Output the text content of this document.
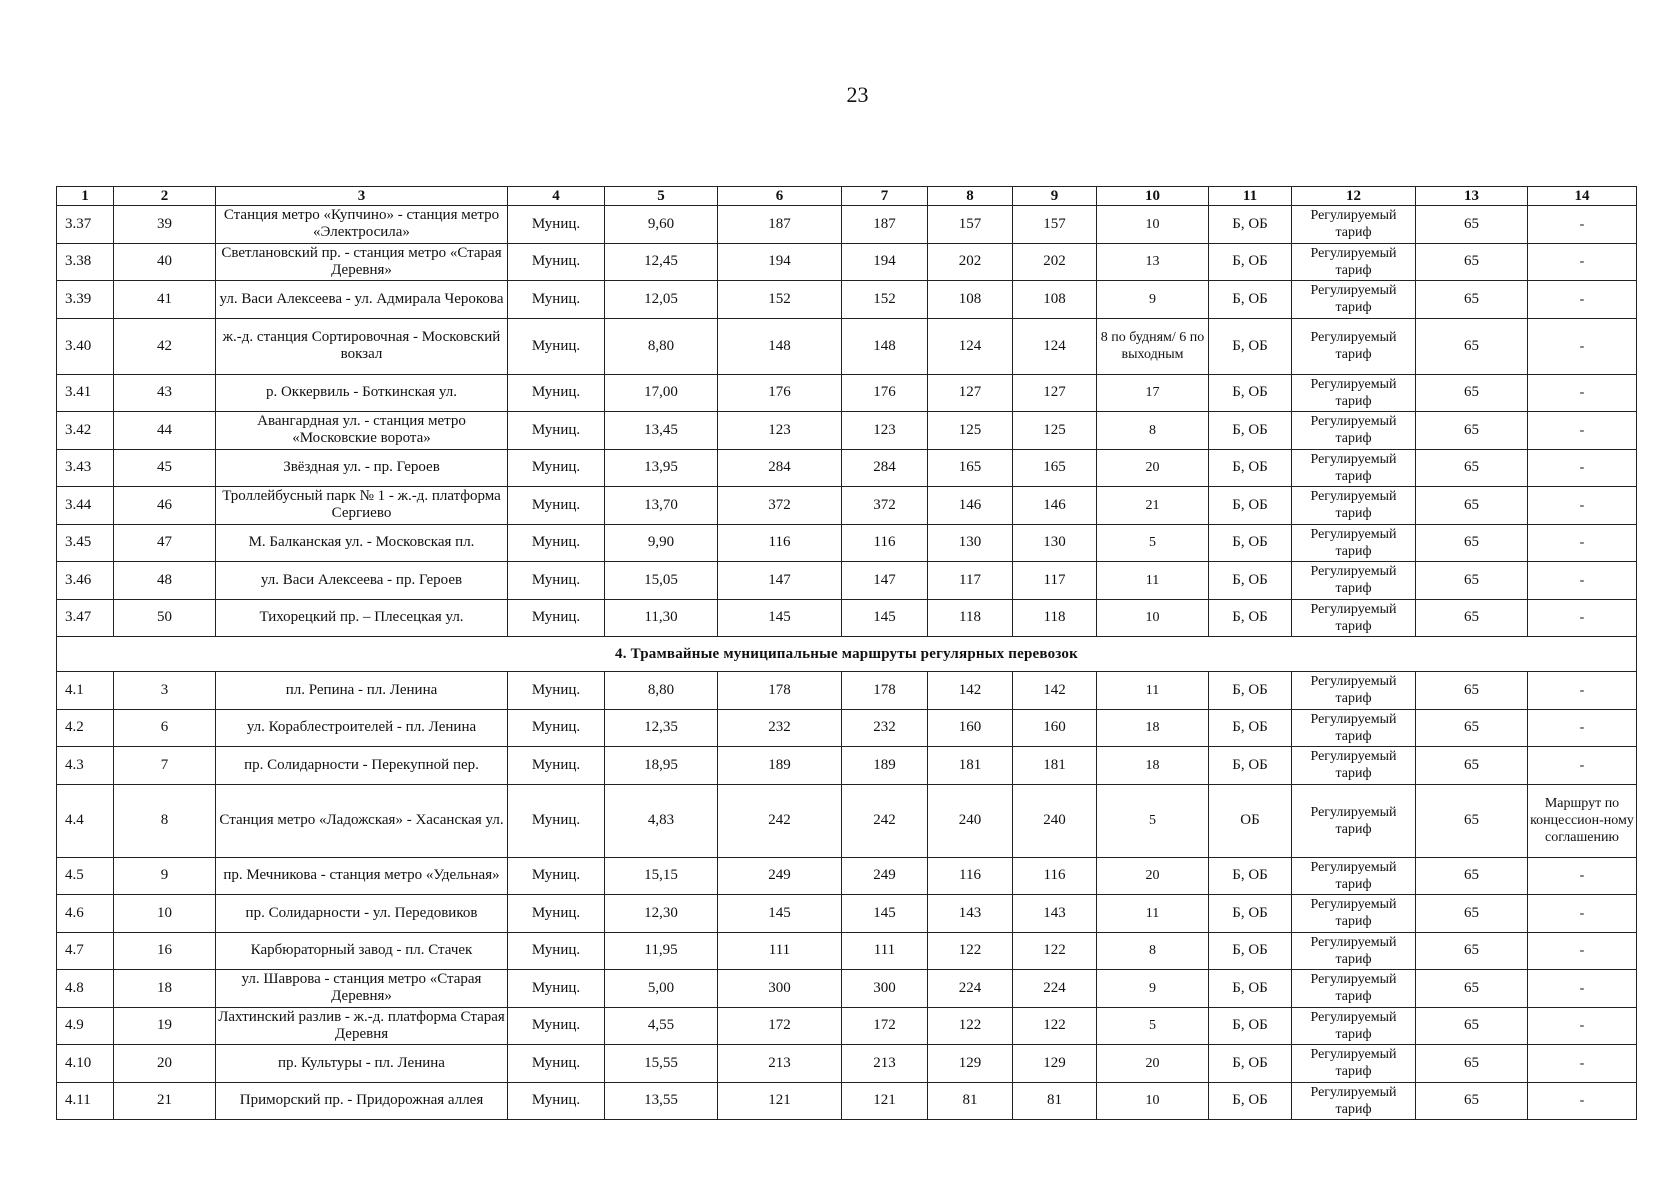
23
1	2	3	4	5	6	7	8	9	10	11	12	13	14
3.37	39	Станция метро «Купчино» - станция метро «Электросила»	Муниц.	9,60	187	187	157	157	10	Б, ОБ	Регулируемый тариф	65	-
3.38	40	Светлановский пр. - станция метро «Старая Деревня»	Муниц.	12,45	194	194	202	202	13	Б, ОБ	Регулируемый тариф	65	-
3.39	41	ул. Васи Алексеева - ул. Адмирала Черокова	Муниц.	12,05	152	152	108	108	9	Б, ОБ	Регулируемый тариф	65	-
3.40	42	ж.-д. станция Сортировочная - Московский вокзал	Муниц.	8,80	148	148	124	124	8 по будням/ 6 по выходным	Б, ОБ	Регулируемый тариф	65	-
3.41	43	р. Оккервиль - Боткинская ул.	Муниц.	17,00	176	176	127	127	17	Б, ОБ	Регулируемый тариф	65	-
3.42	44	Авангардная ул. - станция метро «Московские ворота»	Муниц.	13,45	123	123	125	125	8	Б, ОБ	Регулируемый тариф	65	-
3.43	45	Звёздная ул. - пр. Героев	Муниц.	13,95	284	284	165	165	20	Б, ОБ	Регулируемый тариф	65	-
3.44	46	Троллейбусный парк № 1 - ж.-д. платформа Сергиево	Муниц.	13,70	372	372	146	146	21	Б, ОБ	Регулируемый тариф	65	-
3.45	47	М. Балканская ул. - Московская пл.	Муниц.	9,90	116	116	130	130	5	Б, ОБ	Регулируемый тариф	65	-
3.46	48	ул. Васи Алексеева - пр. Героев	Муниц.	15,05	147	147	117	117	11	Б, ОБ	Регулируемый тариф	65	-
3.47	50	Тихорецкий пр. – Плесецкая ул.	Муниц.	11,30	145	145	118	118	10	Б, ОБ	Регулируемый тариф	65	-
4. Трамвайные муниципальные маршруты регулярных перевозок													
4.1	3	пл. Репина - пл. Ленина	Муниц.	8,80	178	178	142	142	11	Б, ОБ	Регулируемый тариф	65	-
4.2	6	ул. Кораблестроителей - пл. Ленина	Муниц.	12,35	232	232	160	160	18	Б, ОБ	Регулируемый тариф	65	-
4.3	7	пр. Солидарности - Перекупной пер.	Муниц.	18,95	189	189	181	181	18	Б, ОБ	Регулируемый тариф	65	-
4.4	8	Станция метро «Ладожская» - Хасанская ул.	Муниц.	4,83	242	242	240	240	5	ОБ	Регулируемый тариф	65	Маршрут по концессион-ному соглашению
4.5	9	пр. Мечникова - станция метро «Удельная»	Муниц.	15,15	249	249	116	116	20	Б, ОБ	Регулируемый тариф	65	-
4.6	10	пр. Солидарности - ул. Передовиков	Муниц.	12,30	145	145	143	143	11	Б, ОБ	Регулируемый тариф	65	-
4.7	16	Карбюраторный завод - пл. Стачек	Муниц.	11,95	111	111	122	122	8	Б, ОБ	Регулируемый тариф	65	-
4.8	18	ул. Шаврова - станция метро «Старая Деревня»	Муниц.	5,00	300	300	224	224	9	Б, ОБ	Регулируемый тариф	65	-
4.9	19	Лахтинский разлив - ж.-д. платформа Старая Деревня	Муниц.	4,55	172	172	122	122	5	Б, ОБ	Регулируемый тариф	65	-
4.10	20	пр. Культуры - пл. Ленина	Муниц.	15,55	213	213	129	129	20	Б, ОБ	Регулируемый тариф	65	-
4.11	21	Приморский пр. - Придорожная аллея	Муниц.	13,55	121	121	81	81	10	Б, ОБ	Регулируемый тариф	65	-
